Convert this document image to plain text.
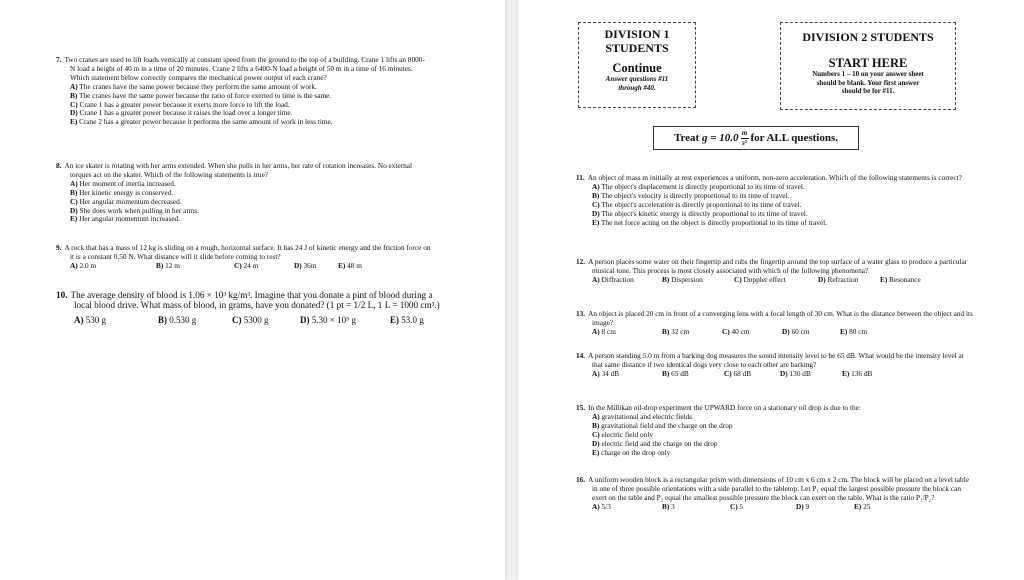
7. Two cranes are used to lift loads vertically at constant speed from the ground to the top of a building. Crane 1 lifts an 8000-N load a height of 40 m in a time of 20 minutes. Crane 2 lifts a 6400-N load a height of 50 m in a time of 16 minutes. Which statement below correctly compares the mechanical power output of each crane?
A) The cranes have the same power because they perform the same amount of work.
B) The cranes have the same power because the ratio of force exerted to time is the same.
C) Crane 1 has a greater power because it exerts more force to lift the load.
D) Crane 1 has a greater power because it raises the load over a longer time.
E) Crane 2 has a greater power because it performs the same amount of work in less time.
8. An ice skater is rotating with her arms extended. When she pulls in her arms, her rate of rotation increases. No external torques act on the skater. Which of the following statements is true?
A) Her moment of inertia increased.
B) Her kinetic energy is conserved.
C) Her angular momentum decreased.
D) She does work when pulling in her arms.
E) Her angular momentum increased.
9. A rock that has a mass of 12 kg is sliding on a rough, horizontal surface. It has 24 J of kinetic energy and the friction force on it is a constant 0.50 N. What distance will it slide before coming to rest?
A) 2.0 m	B) 12 m	C) 24 m	D) 36m	E) 48 m
10. The average density of blood is 1.06 × 10³ kg/m³. Imagine that you donate a pint of blood during a local blood drive. What mass of blood, in grams, have you donated? (1 pt = 1/2 L, 1 L = 1000 cm³.)
A) 530 g	B) 0.530 g	C) 5300 g	D) 5.30 × 10⁵ g	E) 53.0 g
DIVISION 1
STUDENTS
Continue
Answer questions #11
through #40.
DIVISION 2 STUDENTS
START HERE
Numbers 1 – 10 on your answer sheet
should be blank. Your first answer
should be for #11.
Treat
$g = 10.0 \frac{m}{\text{s²}}$ for ALL questions.
11. An object of mass m initially at rest experiences a uniform, non-zero acceleration. Which of the following statements is correct?
A) The object's displacement is directly proportional to its time of travel.
B) The object's velocity is directly proportional to its time of travel.
C) The object's acceleration is directly proportional to its time of travel.
D) The object's kinetic energy is directly proportional to its time of travel.
E) The net force acting on the object is directly proportional to its time of travel.
12. A person places some water on their fingertip and rubs the fingertip around the top surface of a water glass to produce a particular musical tone. This process is most closely associated with which of the following phenomena?
A) Diffraction	B) Dispersion	C) Doppler effect	D) Refraction	E) Resonance
13. An object is placed 20 cm in front of a converging lens with a focal length of 30 cm. What is the distance between the object and its image?
A) 8 cm	B) 32 cm	C) 40 cm	D) 60 cm	E) 80 cm
14. A person standing 5.0 m from a barking dog measures the sound intensity level to be 65 dB. What would be the intensity level at that same distance if two identical dogs very close to each other are barking?
A) 34 dB	B) 65 dB	C) 68 dB	D) 130 dB	E) 136 dB
15. In the Millikan oil-drop experiment the UPWARD force on a stationary oil drop is due to the:
A) gravitational and electric fields
B) gravitational field and the charge on the drop
C) electric field only
D) electric field and the charge on the drop
E) charge on the drop only
16. A uniform wooden block is a rectangular prism with dimensions of 10 cm x 6 cm x 2 cm. The block will be placed on a level table in one of three possible orientations with a side parallel to the tabletop. Let P₁ equal the largest possible pressure the block can exert on the table and P₂ equal the smallest possible pressure the block can exert on the table. What is the ratio P₁/P₂?
A) 5/3	B) 3	C) 5	D) 9	E) 25
